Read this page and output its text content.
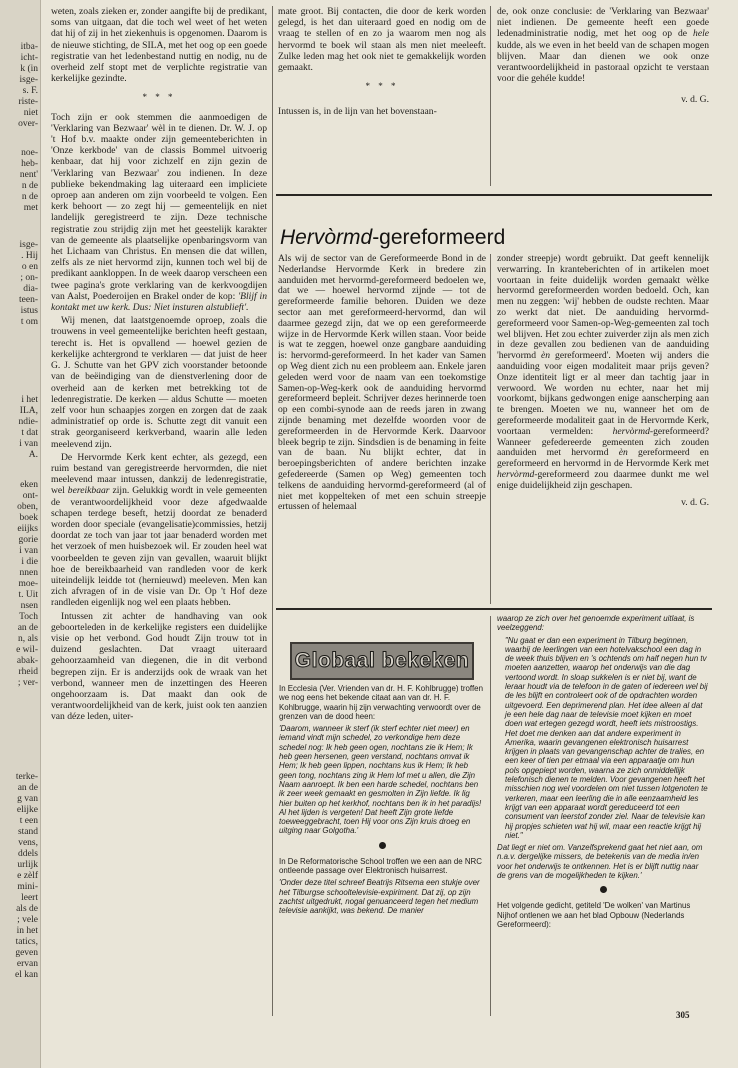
itba-
icht-
k (in
isge-
s. F.
riste-
niet
over-
noe-
heb-
nent'
n de
n de
met
isge-
. Hij
o en
; on-
dia-
teen-
istus
t om
i het
ILA,
ndie-
t dat
i van
A.
eken
ont-
oben,
boek
eiijks
gorie
i van
i die
nnen
moe-
t. Uit
nsen
Toch
an de
n, als
e wil-
abak-
rheid
; ver-
terke-
an de
g van
elijke
t een
stand
vens,
ddels
urlijk
e zèlf
mini-
leert
als de
; vele
in het
tatics,
geven
ervan
el kan

weten, zoals zieken er, zonder aangifte bij de predikant, soms van uitgaan, dat die toch wel weet of het weten dat hij of zij in het ziekenhuis is opgenomen. Daarom is de nieuwe stichting, de SILA, met het oog op een goede registratie van het ledenbestand nuttig en nodig, nu de overheid zelf stopt met de verplichte registratie van kerkelijke gezindte.

* * *

Toch zijn er ook stemmen die aanmoedigen de 'Verklaring van Bezwaar' wèl in te dienen. Dr. W. J. op 't Hof b.v. maakte onder zijn gemeenteberichten in 'Onze kerkbode' van de classis Bommel uitvoerig kenbaar, dat hij voor zichzelf en zijn gezin de 'Verklaring van Bezwaar' zou indienen. In deze publieke bekendmaking lag uiteraard een impliciete oproep aan anderen om zijn voorbeeld te volgen. Een kerk behoort — zo zegt hij — gemeentelijk en niet landelijk geregistreerd te zijn. Deze technische registratie zou strijdig zijn met het geestelijk karakter van de gemeente als plaatselijke openbaringsvorm van het Lichaam van Christus. En mensen die dat willen, zelfs als ze niet hervormd zijn, kunnen toch wel bij de predikant aankloppen. In de week daarop verscheen een twee pagina's grote verklaring van de kerkvoogdijen van Aalst, Poederoijen en Brakel onder de kop: 'Blijf in kontakt met uw kerk. Dus: Niet insturen alstublieft'.

Wij menen, dat laatstgenoemde oproep, zoals die trouwens in veel gemeentelijke berichten heeft gestaan, terecht is. Het is opvallend — hoewel gezien de kerkelijke achtergrond te verklaren — dat juist de heer G. J. Schutte van het GPV zich voorstander betoonde van de beëindiging van de dienstverlening door de overheid aan de kerken met betrekking tot de ledenregistratie. De kerken — aldus Schutte — moeten zelf voor hun schaapjes zorgen en zorgen dat de zaak administratief op orde is. Schutte zegt dit vanuit een strak georganiseerd kerkverband, waarin alle leden meelevend zijn.

De Hervormde Kerk kent echter, als gezegd, een ruim bestand van geregistreerde hervormden, die niet meelevend maar intussen, dankzij de ledenregistratie, wel bereikbaar zijn. Gelukkig wordt in vele gemeenten de verantwoordelijkheid voor deze afgedwaalde schapen terdege beseft, hetzij doordat ze benaderd worden door speciale (evangelisatie)commissies, hetzij doordat ze toch van jaar tot jaar benaderd worden met het verzoek of men huisbezoek wil. Er zouden heel wat voorbeelden te geven zijn van gevallen, waaruit blijkt hoe de bereikbaarheid van randleden voor de kerk uiteindelijk leidde tot (hernieuwd) meeleven. Men kan zich afvragen of in de visie van Dr. Op 't Hof deze randleden eigenlijk nog wel een plaats hebben.

Intussen zit achter de handhaving van ook geboorteleden in de kerkelijke registers een duidelijke visie op het verbond. God houdt Zijn trouw tot in duizend geslachten. Dat vraagt uiteraard gehoorzaamheid van diegenen, die in dit verbond begrepen zijn. Er is anderzijds ook de wraak van het verbond, wanneer men de inzettingen des Heeren ongehoorzaam is. Dat maakt dan ook de verantwoordelijkheid van de kerk, juist ook ten aanzien van déze leden, uiter-

mate groot. Bij contacten, die door de kerk worden gelegd, is het dan uiteraard goed en nodig om de vraag te stellen of en zo ja waarom men nog als hervormd te boek wil staan als men niet meeleeft. Zulke leden mag het ook niet te gemakkelijk worden gemaakt.

* * *

Intussen is, in de lijn van het bovenstaan-

de, ook onze conclusie: de 'Verklaring van Bezwaar' niet indienen. De gemeente heeft een goede ledenadministratie nodig, met het oog op de hele kudde, als we even in het beeld van de schapen mogen blijven. Maar dan dienen we ook onze verantwoordelijkheid in pastoraal opzicht te verstaan voor die gehéle kudde!

v. d. G.
Hervòrmd-gereformeerd

Als wij de sector van de Gereformeerde Bond in de Nederlandse Hervormde Kerk in bredere zin aanduiden met hervormd-gereformeerd bedoelen we, dat we — hoewel hervormd zijnde — tot de gereformeerde familie behoren. Duiden we deze sector aan met gereformeerd-hervormd, dan wil daarmee gezegd zijn, dat we op een gereformeerde wijze in de Hervormde Kerk willen staan. Voor beide is wat te zeggen, hoewel onze gangbare aanduiding is: hervormd-gereformeerd. In het kader van Samen op Weg dient zich nu een probleem aan. Enkele jaren geleden werd voor de naam van een toekomstige Samen-op-Weg-kerk ook de aanduiding hervormd gereformeerd bepleit. Schrijver dezes herinnerde toen op een combi-synode aan de reeds jaren in zwang zijnde benaming met dezelfde woorden voor de gereformeerden in de Hervormde Kerk. Daarvoor bleek begrip te zijn. Sindsdien is de benaming in feite van de baan. Nu blijkt echter, dat in beroepingsberichten of andere berichten inzake gefedereerde (Samen op Weg) gemeenten toch telkens de aanduiding hervormd-gereformeerd (al of niet met koppelteken of met een schuin streepje ertussen of helemaal

zonder streepje) wordt gebruikt. Dat geeft kennelijk verwarring. In kranteberichten of in artikelen moet voortaan in feite duidelijk worden gemaakt wèlke hervormd gereformeerden worden bedoeld. Och, kan men nu zeggen: 'wij' hebben de oudste rechten. Maar zo werkt dat niet. De aanduiding hervormd-gereformeerd voor Samen-op-Weg-gemeenten zal toch wel blijven. Het zou echter zuiverder zijn als men zich in deze gevallen zou bedienen van de aanduiding 'hervormd èn gereformeerd'. Moeten wij anders die aanduiding voor eigen modaliteit maar prijs geven? Onze identiteit ligt er al meer dan tachtig jaar in verwoord. We worden nu echter, naar het mij voorkomt, bijkans gedwongen enige aanscherping aan te brengen. Moeten we nu, wanneer het om de gereformeerde modaliteit gaat in de Hervormde Kerk, voortaan vermelden: hervòrmd-gereformeerd? Wanneer gefedereerde gemeenten zich zouden aanduiden met hervormd èn gereformeerd en gereformeerd en hervormd in de Hervormde Kerk met hervòrmd-gereformeerd zou daarmee dunkt me wel enige duidelijkheid zijn geschapen.

v. d. G.
Globaal bekeken

In Ecclesia (Ver. Vrienden van dr. H. F. Kohlbrugge) troffen we nog eens het bekende citaat aan van dr. H. F. Kohlbrugge, waarin hij zijn verwachting verwoordt over de grenzen van de dood heen:

'Daarom, wanneer ik sterf (ik sterf echter niet meer) en iemand vindt mijn schedel, zo verkondige hem deze schedel nog: Ik heb geen ogen, nochtans zie ik Hem; Ik heb geen hersenen, geen verstand, nochtans omvat ik Hem; Ik heb geen lippen, nochtans kus ik Hem; Ik heb geen tong, nochtans zing ik Hem lof met u allen, die Zijn Naam aanroept. Ik ben een harde schedel, nochtans ben ik zeer week gemaakt en gesmolten in Zijn liefde. Ik lig hier buiten op het kerkhof, nochtans ben ik in het paradijs! Al het lijden is vergeten! Dat heeft Zijn grote liefde toeweeggebracht, toen Hij voor ons Zijn kruis droeg en uitging naar Golgotha.'

In De Reformatorische School troffen we een aan de NRC ontleende passage over Elektronisch huisarrest.

'Onder deze titel schreef Beatrijs Ritsema een stukje over het Tilburgse schooltelevisie-expiriment. Dat zij, op zijn zachtst uitgedrukt, nogal genuanceerd tegen het medium televisie aankijkt, was bekend. De manier

waarop ze zich over het genoemde experiment uitlaat, is veelzeggend:

"Nu gaat er dan een experiment in Tilburg beginnen, waarbij de leerlingen van een hotelvakschool een dag in de week thuis blijven en 's ochtends om half negen hun tv moeten aanzetten, waarop het onderwijs van die dag vertoond wordt. In sloap sukkelen is er niet bij, want de leraar houdt via de telefoon in de gaten of iedereen wel bij de les blijft en controleert ook of de opdrachten worden uitgevoerd. Een deprimerend plan. Het idee alleen al dat je een hele dag naar de televisie moet kijken en moet doen wat ertegen gezegd wordt, heeft iets mistroostigs. Het doet me denken aan dat andere experiment in Amerika, waarin gevangenen elektronisch huisarrest krijgen in plaats van gevangenschap achter de tralies, en een keer of tien per etmaal via een apparaatje om hun pols opgepiept worden, waarna ze zich onmiddellijk telefonisch dienen te melden. Voor gevangenen heeft het misschien nog wel voordelen om niet tussen lotgenoten te verkeren, maar een leerling die in alle eenzaamheid les krijgt van een apparaat wordt gereduceerd tot een consument van leerstof zonder ziel. Naar de televisie kan hij propjes schieten wat hij wil, maar een reactie krijgt hij niet."

Dat liegt er niet om. Vanzelfsprekend gaat het niet aan, om n.a.v. dergelijke missers, de betekenis van de media in/en voor het onderwijs te ontkennen. Het is er blijft nuttig naar de grens van de mogelijkheden te kijken.'

Het volgende gedicht, getiteld 'De wolken' van Martinus Nijhof ontlenen we aan het blad Opbouw (Nederlands Gereformeerd):

305
